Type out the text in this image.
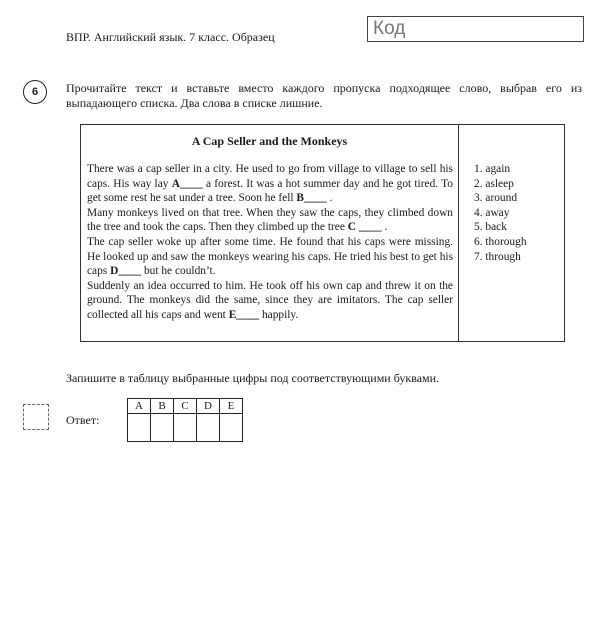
ВПР. Английский язык. 7 класс. Образец	Код
6	Прочитайте текст и вставьте вместо каждого пропуска подходящее слово, выбрав его из выпадающего списка. Два слова в списке лишние.
A Cap Seller and the Monkeys

There was a cap seller in a city. He used to go from village to village to sell his caps. His way lay A____ a forest. It was a hot summer day and he got tired. To get some rest he sat under a tree. Soon he fell B____ .

Many monkeys lived on that tree. When they saw the caps, they climbed down the tree and took the caps. Then they climbed up the tree C ____ .

The cap seller woke up after some time. He found that his caps were missing. He looked up and saw the monkeys wearing his caps. He tried his best to get his caps D____ but he couldn’t.

Suddenly an idea occurred to him. He took off his own cap and threw it on the ground. The monkeys did the same, since they are imitators. The cap seller collected all his caps and went E____ happily.

1. again
2. asleep
3. around
4. away
5. back
6. thorough
7. through
Запишите в таблицу выбранные цифры под соответствующими буквами.
Ответ:
A	B	C	D	E
